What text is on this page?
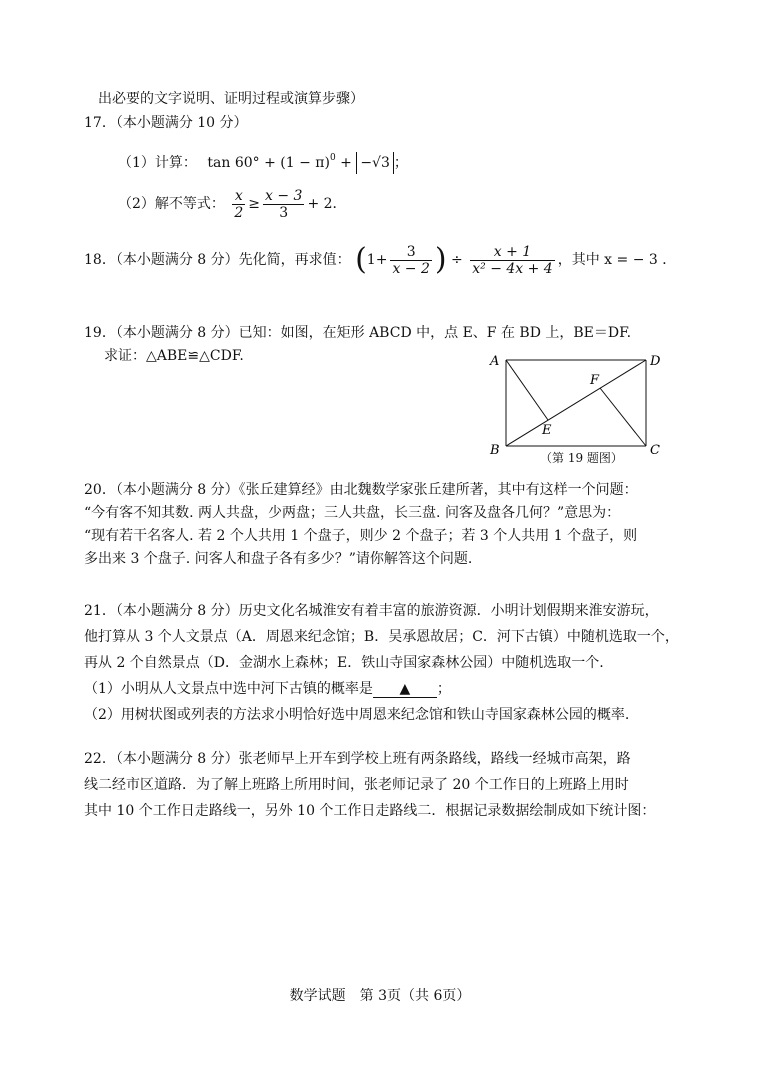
出必要的文字说明、证明过程或演算步骤）
17．（本小题满分 10 分）
（1）计算： $\tan 60^\circ + (1 - \pi)^0 + -√3$ ；
（2）解不等式： $\frac{x}{2} \ge \frac{x - 3}{3} + 2$．
18．（本小题满分 8 分）先化简，再求值： ($1+ \frac{3}{x - 2}$ ) ÷ $\frac{x + 1}{\text{x² − 4x + 4}}$ ，其中 x = − 3 ．
19．（本小题满分 8 分）已知：如图，在矩形 ABCD 中，点 E、F 在 BD 上，BE＝DF.
求证：△ABE≌△CDF.	A	D
B	C
E
F
（第 19 题图）
20．（本小题满分 8 分）《张丘建算经》由北魏数学家张丘建所著，其中有这样一个问题：
“今有客不知其数. 两人共盘，少两盘；三人共盘，长三盘. 问客及盘各几何？”意思为：
“现有若干名客人. 若 2 个人共用 1 个盘子，则少 2 个盘子；若 3 个人共用 1 个盘子，则
多出来 3 个盘子. 问客人和盘子各有多少？”请你解答这个问题.
21．（本小题满分 8 分）历史文化名城淮安有着丰富的旅游资源．小明计划假期来淮安游玩，
他打算从 3 个人文景点（A．周恩来纪念馆；B．吴承恩故居；C．河下古镇）中随机选取一个，
再从 2 个自然景点（D．金湖水上森林；E．铁山寺国家森林公园）中随机选取一个.
（1）小明从人文景点中选中河下古镇的概率是 ▲ ；
（2）用树状图或列表的方法求小明恰好选中周恩来纪念馆和铁山寺国家森林公园的概率.
22．（本小题满分 8 分）张老师早上开车到学校上班有两条路线，路线一经城市高架，路
线二经市区道路．为了解上班路上所用时间，张老师记录了 20 个工作日的上班路上用时
其中 10 个工作日走路线一，另外 10 个工作日走路线二．根据记录数据绘制成如下统计图：
数学试题　第 3页（共 6页）
